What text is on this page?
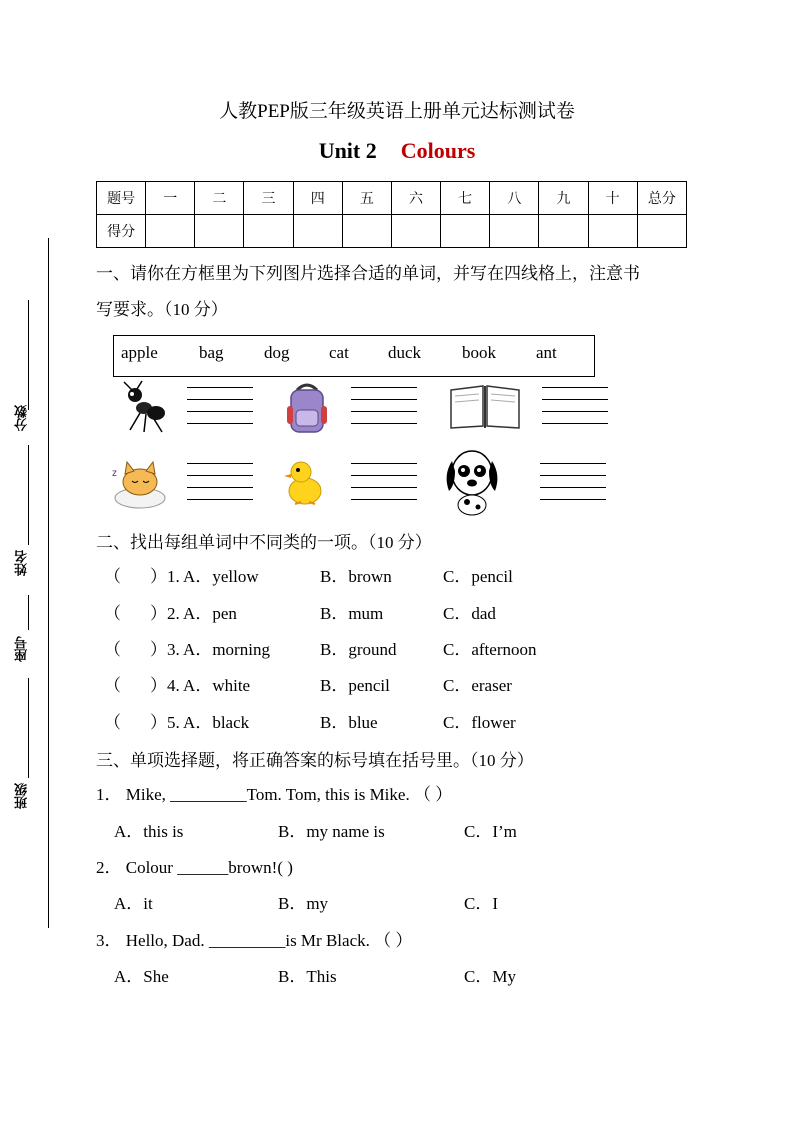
分数
姓名
座号
班级
人教PEP版三年级英语上册单元达标测试卷
Unit 2 Colours
题号	一	二	三	四	五	六	七	八	九	十	总分
得分											
一、请你在方框里为下列图片选择合适的单词，并写在四线格上，注意书
写要求。（10 分）
apple bag dog cat duck book ant
z
二、找出每组单词中不同类的一项。（10 分）
（ ）1. A．yellow	B．brown	C．pencil
（ ）2. A．pen	B．mum	C．dad
（ ）3. A．morning	B．ground	C．afternoon
（ ）4. A．white	B．pencil	C．eraser
（ ）5. A．black	B．blue	C．flower
三、单项选择题，将正确答案的标号填在括号里。（10 分）
1． Mike, _________Tom. Tom, this is Mike. （ ）
A．this is	B．my name is	C．I’m
2． Colour ______brown!( )
A．it	B．my	C．I
3． Hello, Dad. _________is Mr Black. （ ）
A．She	B．This	C．My
